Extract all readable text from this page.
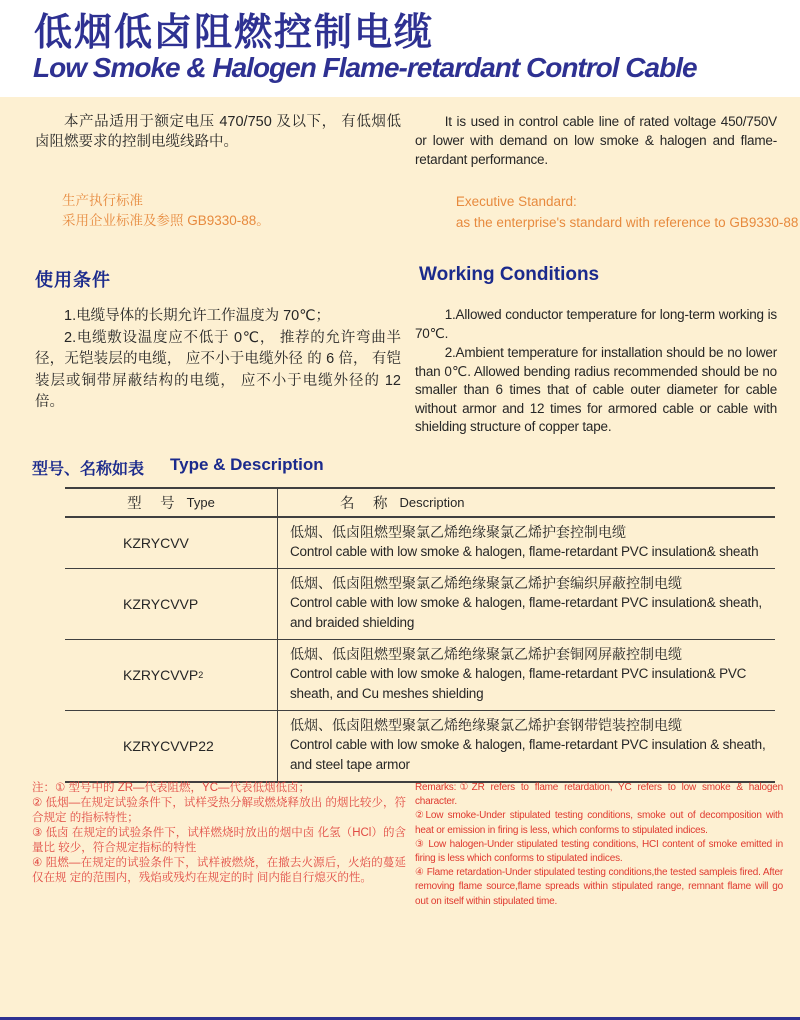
低烟低卤阻燃控制电缆
Low Smoke & Halogen Flame-retardant Control Cable
本产品适用于额定电压 470/750 及以下， 有低烟低卤阻燃要求的控制电缆线路中。
It is used in control cable line of rated voltage 450/750V or lower with demand on low smoke & halogen and flame-retardant performance.
生产执行标准
采用企业标准及参照 GB9330-88。
Executive Standard:
as the enterprise's standard with reference to GB9330-88
使用条件	Working Conditions

1.电缆导体的长期允许工作温度为 70℃；

2.电缆敷设温度应不低于 0℃， 推荐的允许弯曲半径，无铠装层的电缆， 应不小于电缆外径 的 6 倍， 有铠装层或铜带屏蔽结构的电缆， 应不小于电缆外径的 12 倍。

1.Allowed conductor temperature for long-term working is 70℃.

2.Ambient temperature for installation should be no lower than 0℃. Allowed bending radius recommended should be no smaller than 6 times that of cable outer diameter for cable without armor and 12 times for armored cable or cable with shielding structure of copper tape.

型号、名称如表 Type & Description
型　号 Type	名　称 Description
KZRYCVV
低烟、低卤阻燃型聚氯乙烯绝缘聚氯乙烯护套控制电缆
Control cable with low smoke & halogen, flame-retardant PVC insulation& sheath
KZRYCVVP
低烟、低卤阻燃型聚氯乙烯绝缘聚氯乙烯护套编织屏蔽控制电缆
Control cable with low smoke & halogen, flame-retardant PVC insulation& sheath, and braided shielding
KZRYCVVP 2
低烟、低卤阻燃型聚氯乙烯绝缘聚氯乙烯护套铜网屏蔽控制电缆
Control cable with low smoke & halogen, flame-retardant PVC insulation& PVC sheath, and Cu meshes shielding
KZRYCVVP22
低烟、低卤阻燃型聚氯乙烯绝缘聚氯乙烯护套钢带铠装控制电缆
Control cable with low smoke & halogen, flame-retardant PVC insulation & sheath, and steel tape armor

注：① 型号中的 ZR—代表阻燃，YC—代表低烟低卤；

② 低烟—在规定试验条件下，试样受热分解或燃烧释放出 的烟比较少，符合规定 的指标特性；

③ 低卤 在规定的试验条件下，试样燃烧时放出的烟中卤 化氢（HCl）的含量比 较少，符合规定指标的特性

④ 阻燃—在规定的试验条件下，试样被燃烧，在撤去火源后，火焰的蔓延仅在规 定的范围内，残焰或残灼在规定的时 间内能自行熄灭的性。

Remarks:①ZR refers to flame retardation, YC refers to low smoke & halogen character.

②Low smoke-Under stipulated testing conditions, smoke out of decomposition with heat or emission in firing is less, which conforms to stipulated indices.

③ Low halogen-Under stipulated testing conditions, HCI content of smoke emitted in firing is less which conforms to stipulated indices.

④ Flame retardation-Under stipulated testing conditions,the tested sampleis fired. After removing flame source,flame spreads within stipulated range, remnant flame will go out on itself within stipulated time.
